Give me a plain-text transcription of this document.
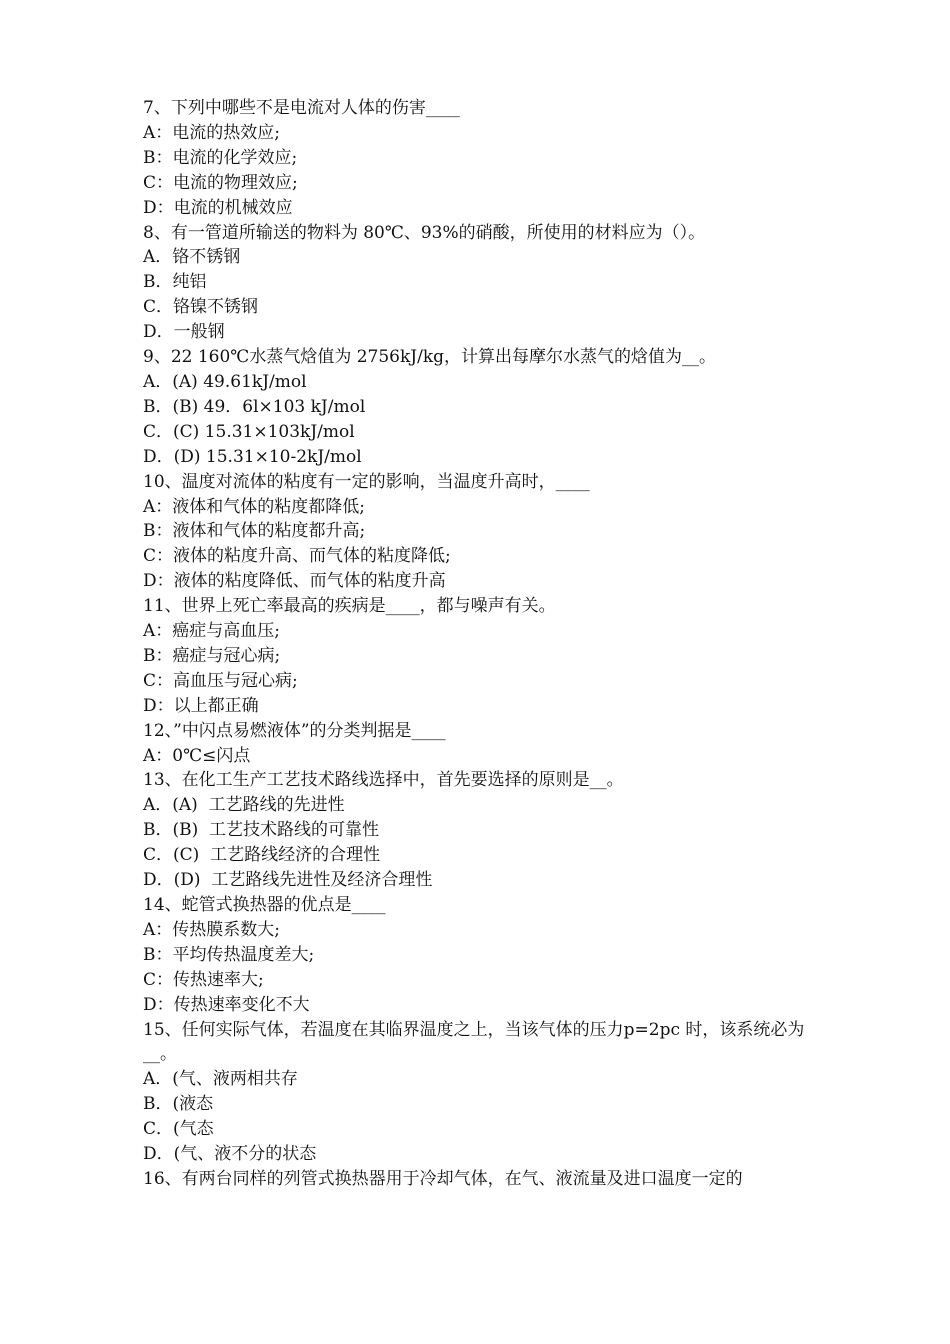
7、下列中哪些不是电流对人体的伤害____
A：电流的热效应;
B：电流的化学效应;
C：电流的物理效应;
D：电流的机械效应
8、有一管道所输送的物料为 80℃、93%的硝酸，所使用的材料应为（）。
A．铬不锈钢
B．纯铝
C．铬镍不锈钢
D．一般钢
9、22 160℃水蒸气焓值为 2756kJ/kg，计算出每摩尔水蒸气的焓值为__。
A．(A) 49.61kJ/mol
B．(B) 49．6l×103 kJ/mol
C．(C) 15.31×103kJ/mol
D．(D) 15.31×10-2kJ/mol
10、温度对流体的粘度有一定的影响，当温度升高时，____
A：液体和气体的粘度都降低;
B：液体和气体的粘度都升高;
C：液体的粘度升高、而气体的粘度降低;
D：液体的粘度降低、而气体的粘度升高
11、世界上死亡率最高的疾病是____，都与噪声有关。
A：癌症与高血压;
B：癌症与冠心病;
C：高血压与冠心病;
D：以上都正确
12、”中闪点易燃液体”的分类判据是____
A：0℃≤闪点
13、在化工生产工艺技术路线选择中，首先要选择的原则是__。
A．(A)  工艺路线的先进性
B．(B)  工艺技术路线的可靠性
C．(C)  工艺路线经济的合理性
D．(D)  工艺路线先进性及经济合理性
14、蛇管式换热器的优点是____
A：传热膜系数大;
B：平均传热温度差大;
C：传热速率大;
D：传热速率变化不大
15、任何实际气体，若温度在其临界温度之上，当该气体的压力p=2pc 时，该系统必为__。
A．(气、液两相共存
B．(液态
C．(气态
D．(气、液不分的状态
16、有两台同样的列管式换热器用于冷却气体，在气、液流量及进口温度一定的
